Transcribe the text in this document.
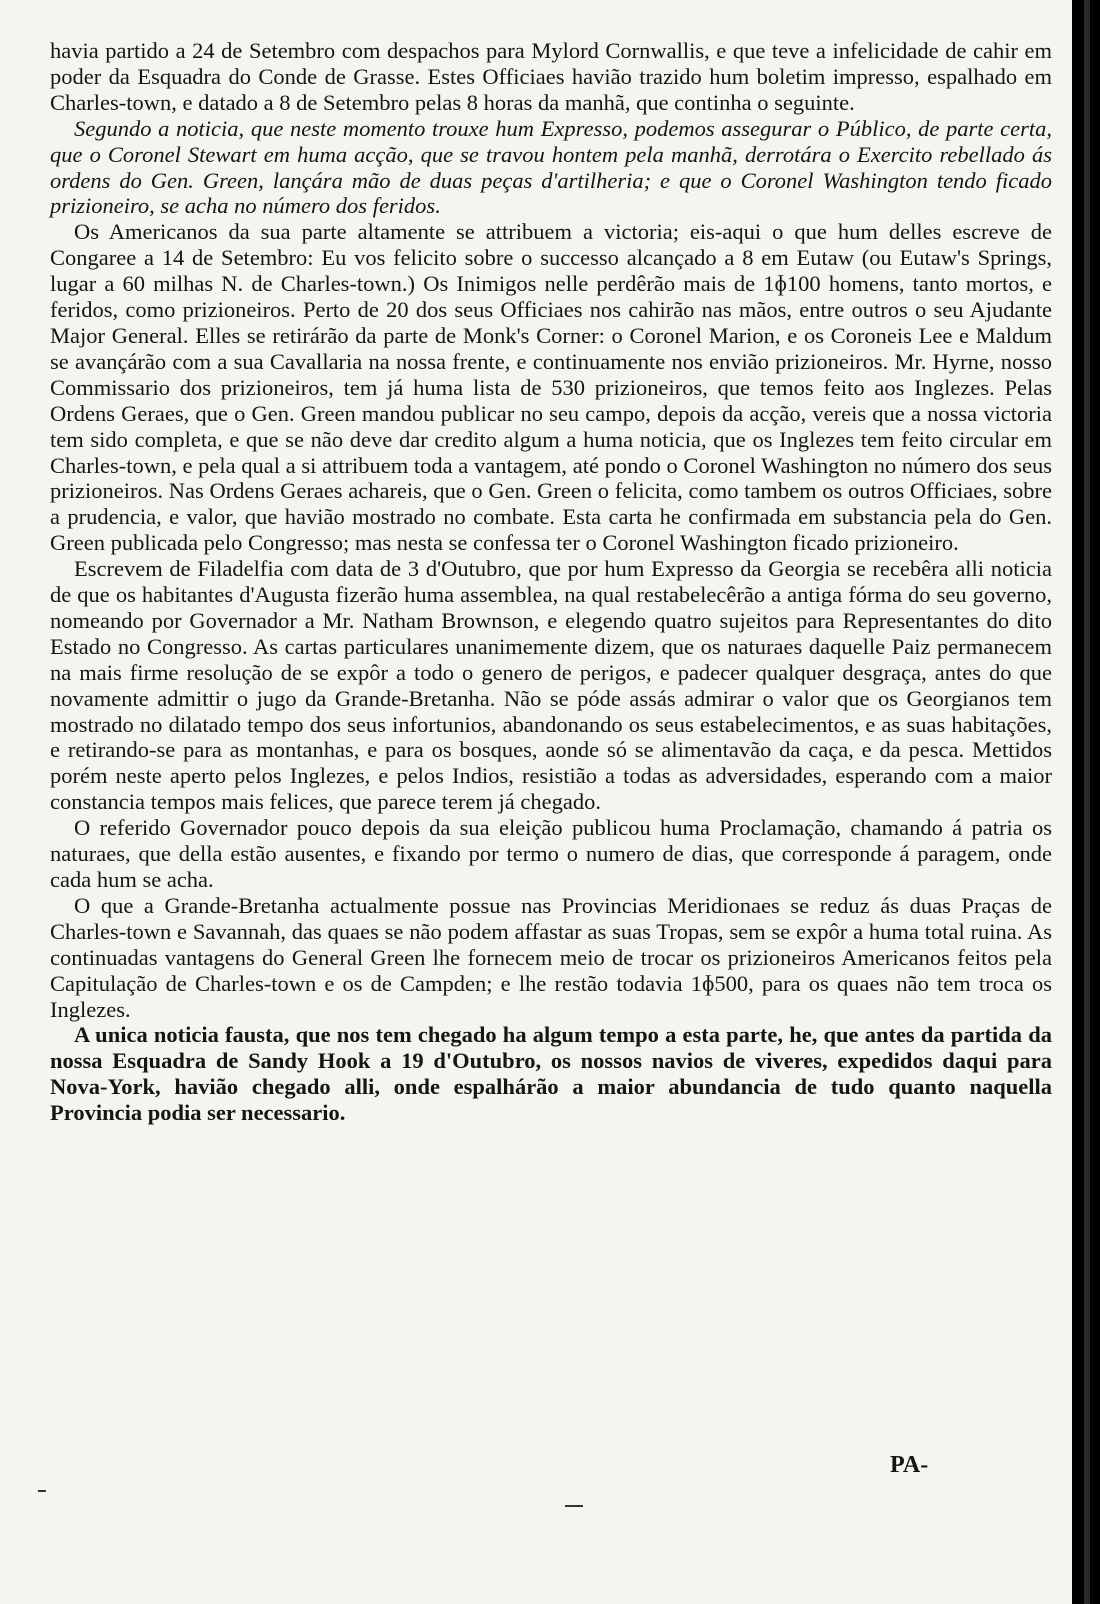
havia partido a 24 de Setembro com despachos para Mylord Cornwallis, e que teve a infelicidade de cahir em poder da Esquadra do Conde de Grasse. Estes Officiaes havião trazido hum boletim impresso, espalhado em Charles-town, e datado a 8 de Setembro pelas 8 horas da manhã, que continha o seguinte.

Segundo a noticia, que neste momento trouxe hum Expresso, podemos assegurar o Público, de parte certa, que o Coronel Stewart em huma acção, que se travou hontem pela manhã, derrotára o Exercito rebellado ás ordens do Gen. Green, lançára mão de duas peças d'artilheria; e que o Coronel Washington tendo ficado prizioneiro, se acha no número dos feridos.

Os Americanos da sua parte altamente se attribuem a victoria; eis-aqui o que hum delles escreve de Congaree a 14 de Setembro: Eu vos felicito sobre o successo alcançado a 8 em Eutaw (ou Eutaw's Springs, lugar a 60 milhas N. de Charles-town.) Os Inimigos nelle perdêrão mais de 1ɸ100 homens, tanto mortos, e feridos, como prizioneiros. Perto de 20 dos seus Officiaes nos cahirão nas mãos, entre outros o seu Ajudante Major General. Elles se retirárão da parte de Monk's Corner: o Coronel Marion, e os Coroneis Lee e Maldum se avançárão com a sua Cavallaria na nossa frente, e continuamente nos envião prizioneiros. Mr. Hyrne, nosso Commissario dos prizioneiros, tem já huma lista de 530 prizioneiros, que temos feito aos Inglezes. Pelas Ordens Geraes, que o Gen. Green mandou publicar no seu campo, depois da acção, vereis que a nossa victoria tem sido completa, e que se não deve dar credito algum a huma noticia, que os Inglezes tem feito circular em Charles-town, e pela qual a si attribuem toda a vantagem, até pondo o Coronel Washington no número dos seus prizioneiros. Nas Ordens Geraes achareis, que o Gen. Green o felicita, como tambem os outros Officiaes, sobre a prudencia, e valor, que havião mostrado no combate. Esta carta he confirmada em substancia pela do Gen. Green publicada pelo Congresso; mas nesta se confessa ter o Coronel Washington ficado prizioneiro.

Escrevem de Filadelfia com data de 3 d'Outubro, que por hum Expresso da Georgia se recebêra alli noticia de que os habitantes d'Augusta fizerão huma assemblea, na qual restabelecêrão a antiga fórma do seu governo, nomeando por Governador a Mr. Natham Brownson, e elegendo quatro sujeitos para Representantes do dito Estado no Congresso. As cartas particulares unanimemente dizem, que os naturaes daquelle Paiz permanecem na mais firme resolução de se expôr a todo o genero de perigos, e padecer qualquer desgraça, antes do que novamente admittir o jugo da Grande-Bretanha. Não se póde assás admirar o valor que os Georgianos tem mostrado no dilatado tempo dos seus infortunios, abandonando os seus estabelecimentos, e as suas habitações, e retirando-se para as montanhas, e para os bosques, aonde só se alimentavão da caça, e da pesca. Mettidos porém neste aperto pelos Inglezes, e pelos Indios, resistião a todas as adversidades, esperando com a maior constancia tempos mais felices, que parece terem já chegado.

O referido Governador pouco depois da sua eleição publicou huma Proclamação, chamando á patria os naturaes, que della estão ausentes, e fixando por termo o numero de dias, que corresponde á paragem, onde cada hum se acha.

O que a Grande-Bretanha actualmente possue nas Provincias Meridionaes se reduz ás duas Praças de Charles-town e Savannah, das quaes se não podem affastar as suas Tropas, sem se expôr a huma total ruina. As continuadas vantagens do General Green lhe fornecem meio de trocar os prizioneiros Americanos feitos pela Capitulação de Charles-town e os de Campden; e lhe restão todavia 1ɸ500, para os quaes não tem troca os Inglezes.

A unica noticia fausta, que nos tem chegado ha algum tempo a esta parte, he, que antes da partida da nossa Esquadra de Sandy Hook a 19 d'Outubro, os nossos navios de viveres, expedidos daqui para Nova-York, havião chegado alli, onde espalhárão a maior abundancia de tudo quanto naquella Provincia podia ser necessario.

PA-
